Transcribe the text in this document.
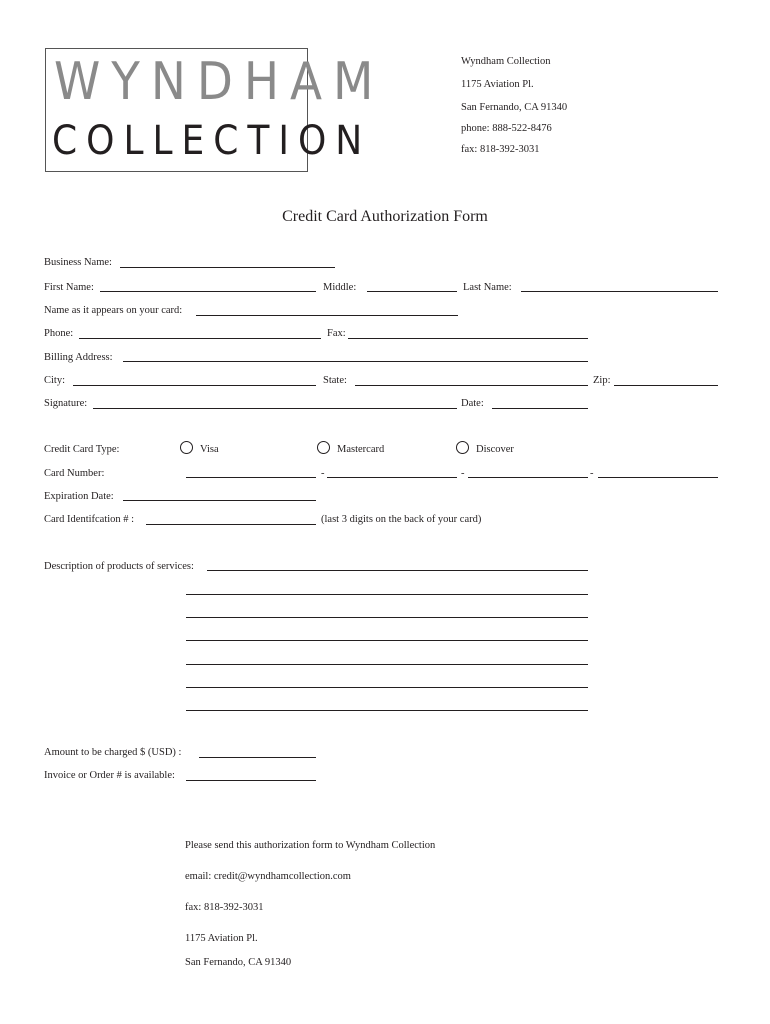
WYNDHAM
COLLECTION
Wyndham Collection
1175 Aviation Pl.
San Fernando, CA 91340
phone: 888-522-8476
fax: 818-392-3031
Credit Card Authorization Form
Business Name:
First Name:	Middle:	Last Name:
Name as it appears on your card:
Phone:	Fax:
Billing Address:
City:	State:	Zip:
Signature:	Date:
Credit Card Type:	Visa	Mastercard	Discover
Card Number:	-	-	-
Expiration Date:
Card Identifcation # :	(last 3 digits on the back of your card)
Description of products of services:
Amount to be charged $ (USD) :
Invoice or Order # is available:
Please send this authorization form to Wyndham Collection
email: credit@wyndhamcollection.com
fax: 818-392-3031
1175 Aviation Pl.
San Fernando, CA 91340
